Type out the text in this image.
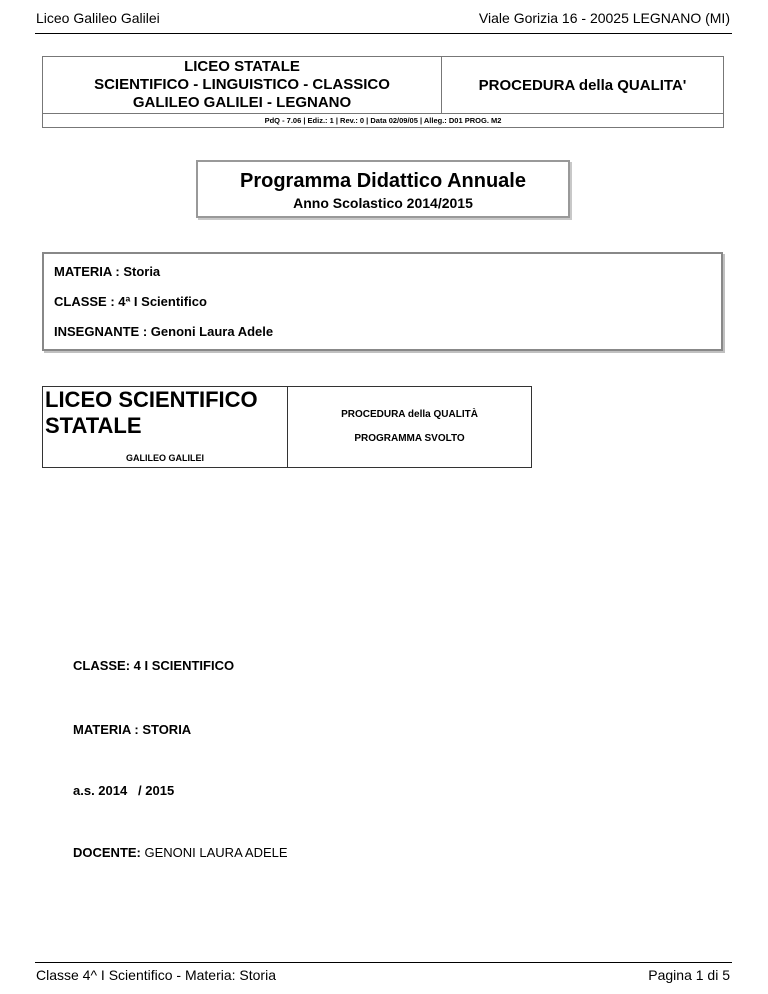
Liceo Galileo Galilei	Viale Gorizia 16 - 20025 LEGNANO (MI)
LICEO STATALE
SCIENTIFICO - LINGUISTICO - CLASSICO
GALILEO GALILEI - LEGNANO
PROCEDURA della QUALITA'
PdQ - 7.06 | Ediz.: 1 | Rev.: 0 | Data 02/09/05 | Alleg.: D01 PROG. M2
Programma Didattico Annuale
Anno Scolastico 2014/2015
MATERIA : Storia
CLASSE : 4ª I Scientifico
INSEGNANTE : Genoni Laura Adele
LICEO SCIENTIFICO
STATALE
GALILEO GALILEI
PROCEDURA della QUALITÀ
PROGRAMMA SVOLTO
CLASSE: 4 I SCIENTIFICO
MATERIA : STORIA
a.s. 2014   / 2015
DOCENTE: GENONI LAURA ADELE
Classe 4^ I Scientifico - Materia: Storia	Pagina 1 di 5
